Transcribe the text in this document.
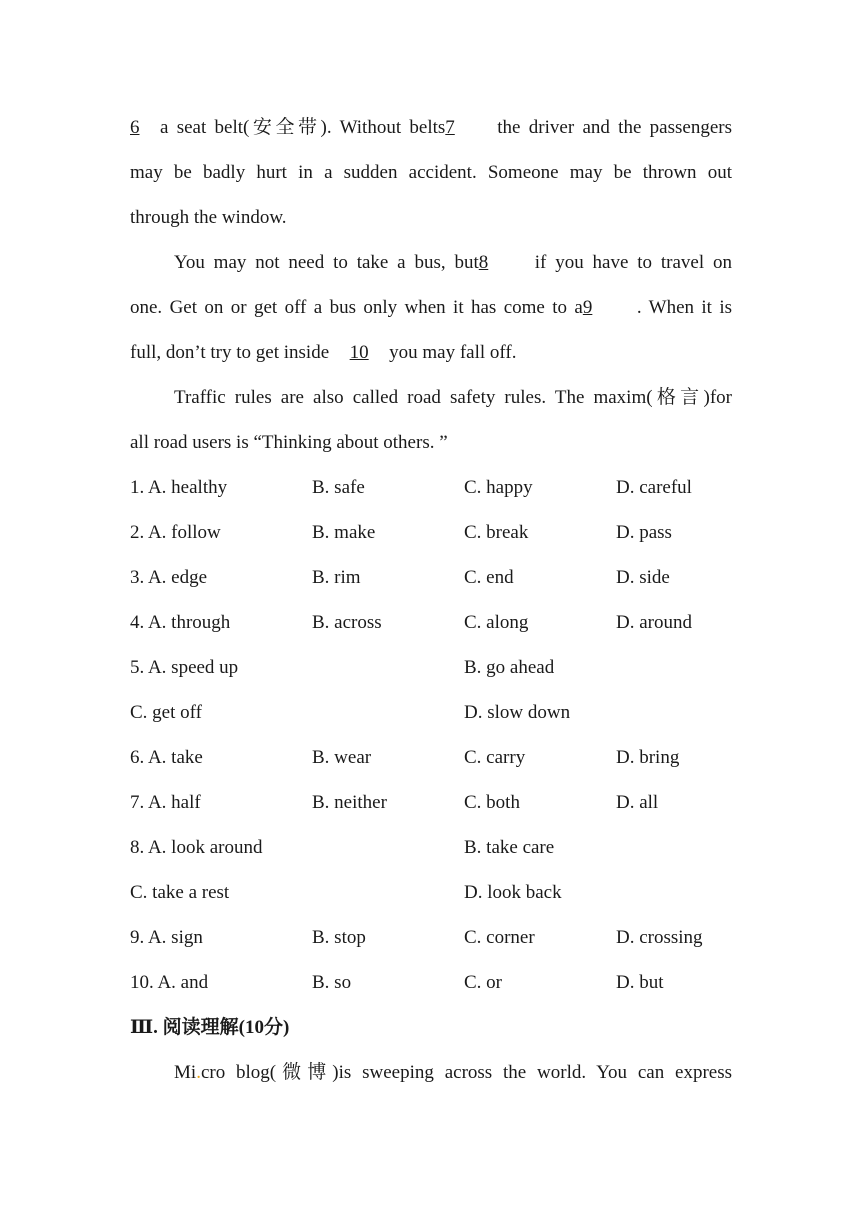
6 a seat belt(安全带). Without belts7 the driver and the passengers
may be badly hurt in a sudden accident. Someone may be thrown out
through the window.
You may not need to take a bus, but8 if you have to travel on
one. Get on or get off a bus only when it has come to a9 . When it is
full, don’t try to get inside 10 you may fall off.
Traffic rules are also called road safety rules. The maxim(格言)for
all road users is “Thinking about others. ”
1. A. healthy	B. safe	C. happy	D. careful
2. A. follow	B. make	C. break	D. pass
3. A. edge	B. rim	C. end	D. side
4. A. through	B. across	C. along	D. around
5. A. speed up	B. go ahead
C. get off	D. slow down
6. A. take	B. wear	C. carry	D. bring
7. A. half	B. neither	C. both	D. all
8. A. look around	B. take care
C. take a rest	D. look back
9. A. sign	B. stop	C. corner	D. crossing
10. A. and	B. so	C. or	D. but
Ⅲ. 阅读理解(10分)
Mi.cro blog(微博)is sweeping across the world. You can express
